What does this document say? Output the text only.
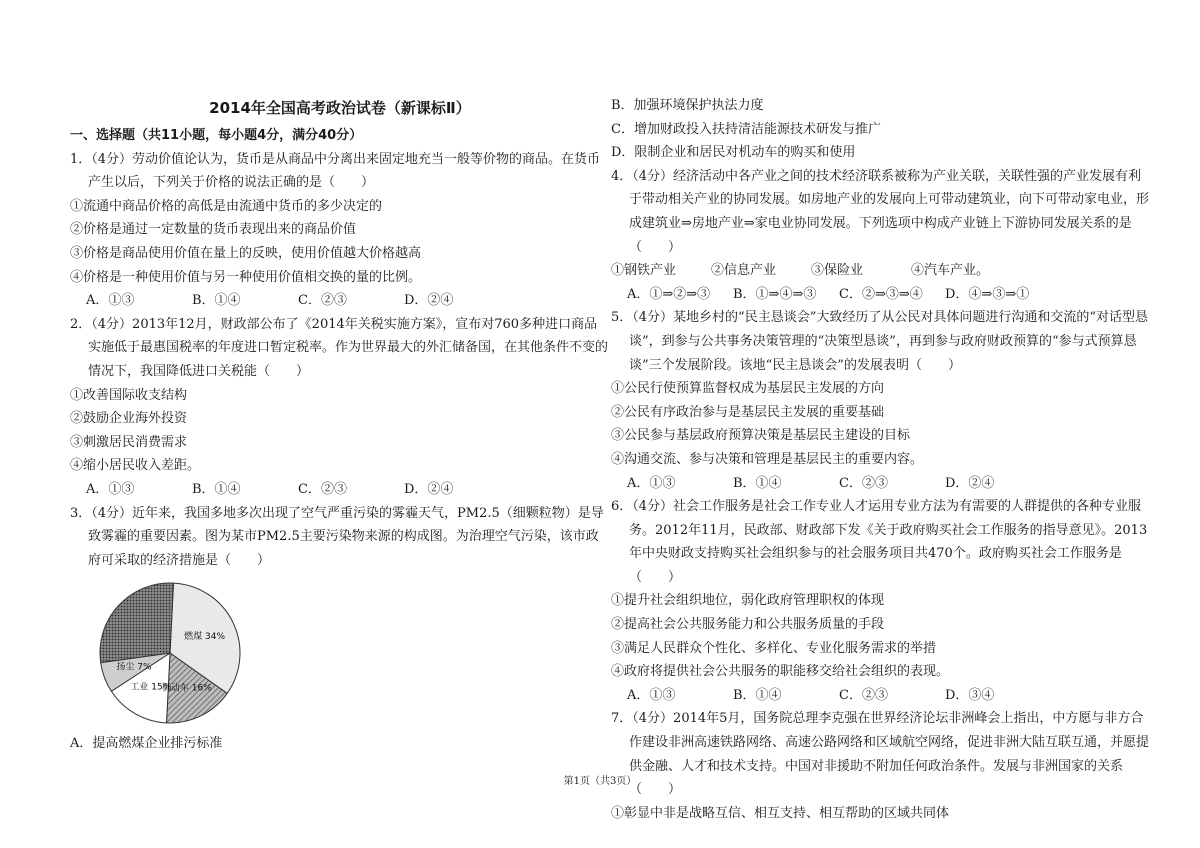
2014年全国高考政治试卷（新课标Ⅱ）
一、选择题（共11小题，每小题4分，满分40分）

1．（4分）劳动价值论认为，货币是从商品中分离出来固定地充当一般等价物的商品。在货币产生以后，下列关于价格的说法正确的是（　　）

①流通中商品价格的高低是由流通中货币的多少决定的

②价格是通过一定数量的货币表现出来的商品价值

③价格是商品使用价值在量上的反映，使用价值越大价格越高

④价格是一种使用价值与另一种使用价值相交换的量的比例。

A．①③	B．①④	C．②③	D．②④

2．（4分）2013年12月，财政部公布了《2014年关税实施方案》，宣布对760多种进口商品实施低于最惠国税率的年度进口暂定税率。作为世界最大的外汇储备国，在其他条件不变的情况下，我国降低进口关税能（　　）

①改善国际收支结构

②鼓励企业海外投资

③刺激居民消费需求

④缩小居民收入差距。

A．①③	B．①④	C．②③	D．②④

3．（4分）近年来，我国多地多次出现了空气严重污染的雾霾天气，PM2.5（细颗粒物）是导致雾霾的重要因素。图为某市PM2.5主要污染物来源的构成图。为治理空气污染，该市政府可采取的经济措施是（　　）

燃煤 34%
机动车 16%
工业 15%
扬尘 7%

A．提高燃煤企业排污标准

B．加强环境保护执法力度

C．增加财政投入扶持清洁能源技术研发与推广

D．限制企业和居民对机动车的购买和使用

4．（4分）经济活动中各产业之间的技术经济联系被称为产业关联，关联性强的产业发展有利于带动相关产业的协同发展。如房地产业的发展向上可带动建筑业，向下可带动家电业，形成建筑业⇒房地产业⇒家电业协同发展。下列选项中构成产业链上下游协同发展关系的是（　　）

①钢铁产业	②信息产业	③保险业	④汽车产业。
A．①⇒②⇒③	B．①⇒④⇒③	C．②⇒③⇒④	D．④⇒③⇒①

5．（4分）某地乡村的“民主恳谈会”大致经历了从公民对具体问题进行沟通和交流的“对话型恳谈”，到参与公共事务决策管理的“决策型恳谈”，再到参与政府财政预算的“参与式预算恳谈”三个发展阶段。该地“民主恳谈会”的发展表明（　　）

①公民行使预算监督权成为基层民主发展的方向

②公民有序政治参与是基层民主发展的重要基础

③公民参与基层政府预算决策是基层民主建设的目标

④沟通交流、参与决策和管理是基层民主的重要内容。

A．①③	B．①④	C．②③	D．②④

6．（4分）社会工作服务是社会工作专业人才运用专业方法为有需要的人群提供的各种专业服务。2012年11月，民政部、财政部下发《关于政府购买社会工作服务的指导意见》。2013年中央财政支持购买社会组织参与的社会服务项目共470个。政府购买社会工作服务是（　　）

①提升社会组织地位，弱化政府管理职权的体现

②提高社会公共服务能力和公共服务质量的手段

③满足人民群众个性化、多样化、专业化服务需求的举措

④政府将提供社会公共服务的职能移交给社会组织的表现。

A．①③	B．①④	C．②③	D．③④

7．（4分）2014年5月，国务院总理李克强在世界经济论坛非洲峰会上指出，中方愿与非方合作建设非洲高速铁路网络、高速公路网络和区域航空网络，促进非洲大陆互联互通，并愿提供金融、人才和技术支持。中国对非援助不附加任何政治条件。发展与非洲国家的关系（　　）

①彰显中非是战略互信、相互支持、相互帮助的区域共同体

第1页（共3页）
